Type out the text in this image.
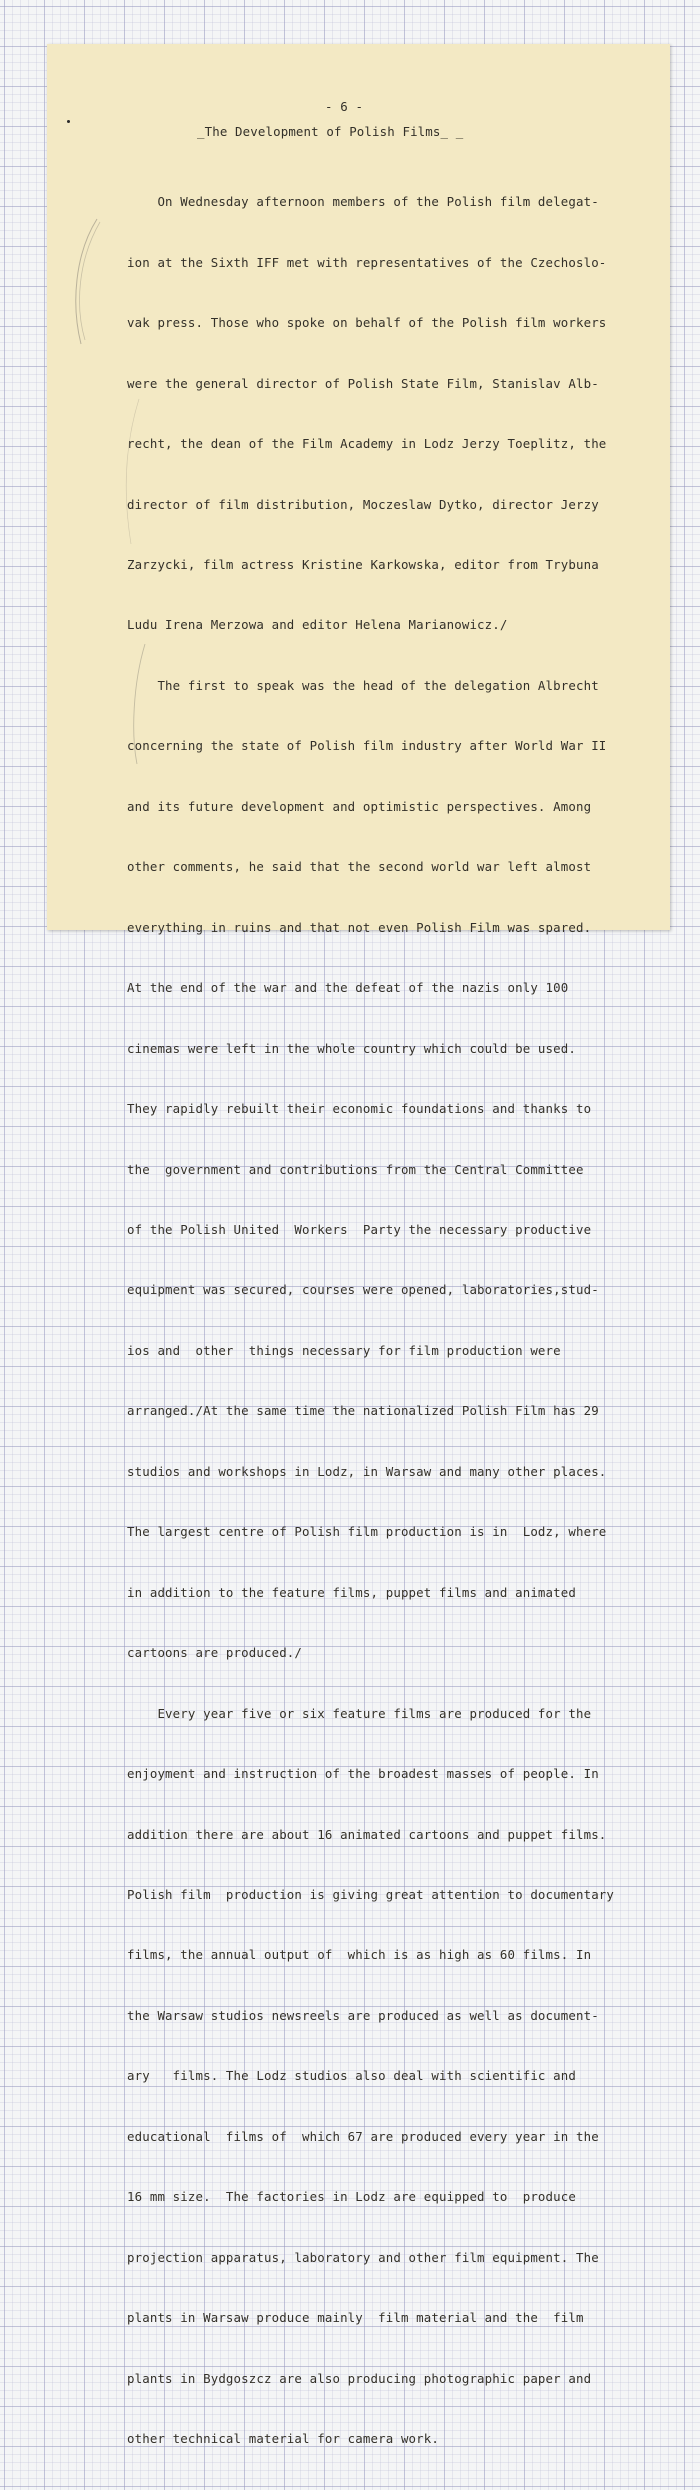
- 6 -
_The Development of Polish Films_ _

On Wednesday afternoon members of the Polish film delegat-

ion at the Sixth IFF met with representatives of the Czechoslo-

vak press. Those who spoke on behalf of the Polish film workers

were the general director of Polish State Film, Stanislav Alb-

recht, the dean of the Film Academy in Lodz Jerzy Toeplitz, the

director of film distribution, Moczeslaw Dytko, director Jerzy

Zarzycki, film actress Kristine Karkowska, editor from Trybuna

Ludu Irena Merzowa and editor Helena Marianowicz./

The first to speak was the head of the delegation Albrecht

concerning the state of Polish film industry after World War II

and its future development and optimistic perspectives. Among

other comments, he said that the second world war left almost

everything in ruins and that not even Polish Film was spared.

At the end of the war and the defeat of the nazis only 100

cinemas were left in the whole country which could be used.

They rapidly rebuilt their economic foundations and thanks to

the  government and contributions from the Central Committee

of the Polish United  Workers  Party the necessary productive

equipment was secured, courses were opened, laboratories,stud-

ios and  other  things necessary for film production were

arranged./At the same time the nationalized Polish Film has 29

studios and workshops in Lodz, in Warsaw and many other places.

The largest centre of Polish film production is in  Lodz, where

in addition to the feature films, puppet films and animated

cartoons are produced./

Every year five or six feature films are produced for the

enjoyment and instruction of the broadest masses of people. In

addition there are about 16 animated cartoons and puppet films.

Polish film  production is giving great attention to documentary

films, the annual output of  which is as high as 60 films. In

the Warsaw studios newsreels are produced as well as document-

ary   films. The Lodz studios also deal with scientific and

educational  films of  which 67 are produced every year in the

16 mm size.  The factories in Lodz are equipped to  produce

projection apparatus, laboratory and other film equipment. The

plants in Warsaw produce mainly  film material and the  film

plants in Bydgoszcz are also producing photographic paper and

other technical material for camera work.
